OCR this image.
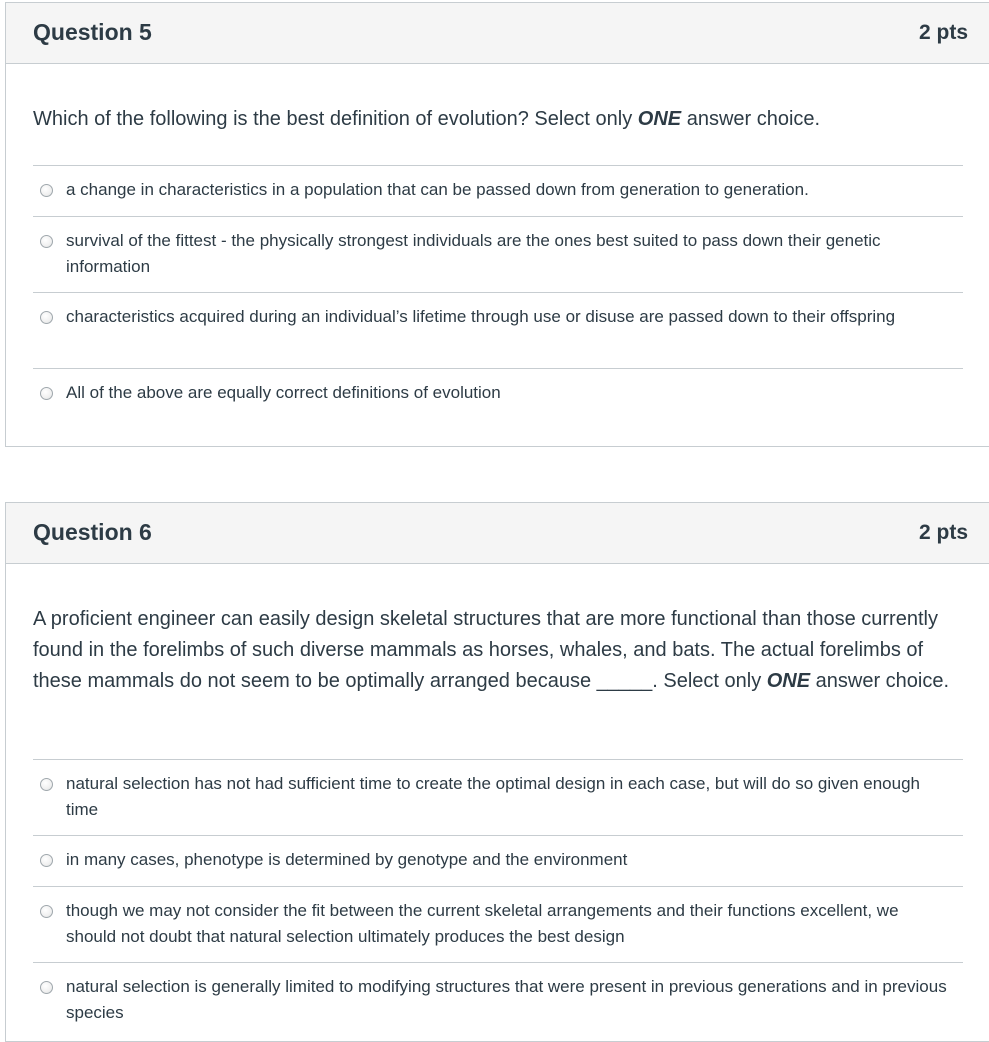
Question 5	2 pts

Which of the following is the best definition of evolution? Select only ONE answer choice.

a change in characteristics in a population that can be passed down from generation to generation.
survival of the fittest - the physically strongest individuals are the ones best suited to pass down their genetic information
characteristics acquired during an individual’s lifetime through use or disuse are passed down to their offspring
All of the above are equally correct definitions of evolution
Question 6	2 pts

A proficient engineer can easily design skeletal structures that are more functional than those currently found in the forelimbs of such diverse mammals as horses, whales, and bats. The actual forelimbs of these mammals do not seem to be optimally arranged because _____. Select only ONE answer choice.

natural selection has not had sufficient time to create the optimal design in each case, but will do so given enough time
in many cases, phenotype is determined by genotype and the environment
though we may not consider the fit between the current skeletal arrangements and their functions excellent, we should not doubt that natural selection ultimately produces the best design
natural selection is generally limited to modifying structures that were present in previous generations and in previous species
